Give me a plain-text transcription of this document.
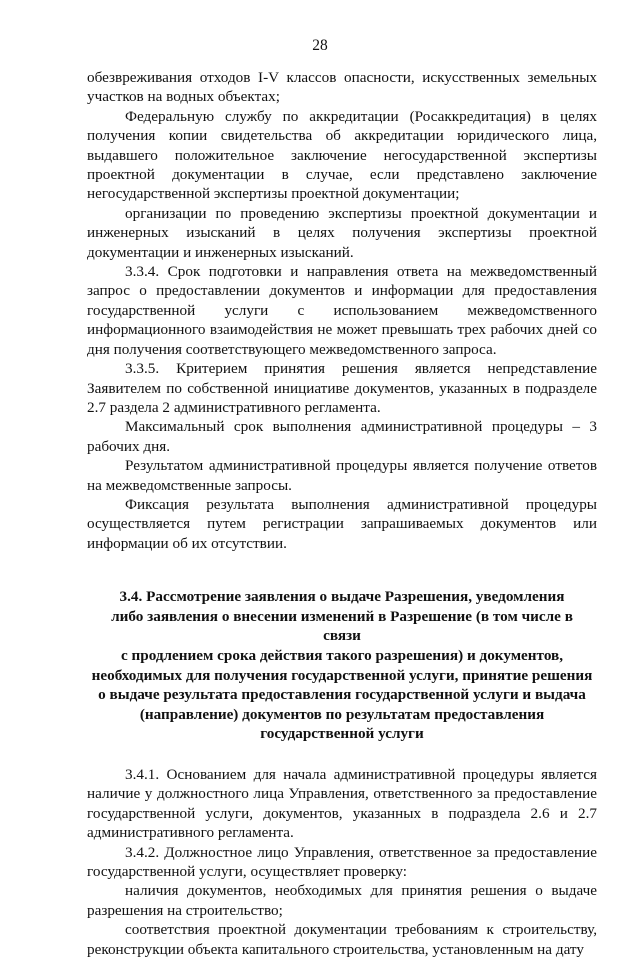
28

обезвреживания отходов I-V классов опасности, искусственных земельных участков на водных объектах;

Федеральную службу по аккредитации (Росаккредитация) в целях получения копии свидетельства об аккредитации юридического лица, выдавшего положительное заключение негосударственной экспертизы проектной документации в случае, если представлено заключение негосударственной экспертизы проектной документации;

организации по проведению экспертизы проектной документации и инженерных изысканий в целях получения экспертизы проектной документации и инженерных изысканий.

3.3.4. Срок подготовки и направления ответа на межведомственный запрос о предоставлении документов и информации для предоставления государственной услуги с использованием межведомственного информационного взаимодействия не может превышать трех рабочих дней со дня получения соответствующего межведомственного запроса.

3.3.5. Критерием принятия решения является непредставление Заявителем по собственной инициативе документов, указанных в подразделе 2.7 раздела 2 административного регламента.

Максимальный срок выполнения административной процедуры – 3 рабочих дня.

Результатом административной процедуры является получение ответов на межведомственные запросы.

Фиксация результата выполнения административной процедуры осуществляется путем регистрации запрашиваемых документов или информации об их отсутствии.

3.4. Рассмотрение заявления о выдаче Разрешения, уведомления
либо заявления о внесении изменений в Разрешение (в том числе в связи
с продлением срока действия такого разрешения) и документов,
необходимых для получения государственной услуги, принятие решения
о выдаче результата предоставления государственной услуги и выдача
(направление) документов по результатам предоставления
государственной услуги

3.4.1. Основанием для начала административной процедуры является наличие у должностного лица Управления, ответственного за предоставление государственной услуги, документов, указанных в подраздела 2.6 и 2.7 административного регламента.

3.4.2. Должностное лицо Управления, ответственное за предоставление государственной услуги, осуществляет проверку:

наличия документов, необходимых для принятия решения о выдаче разрешения на строительство;

соответствия проектной документации требованиям к строительству, реконструкции объекта капитального строительства, установленным на дату
